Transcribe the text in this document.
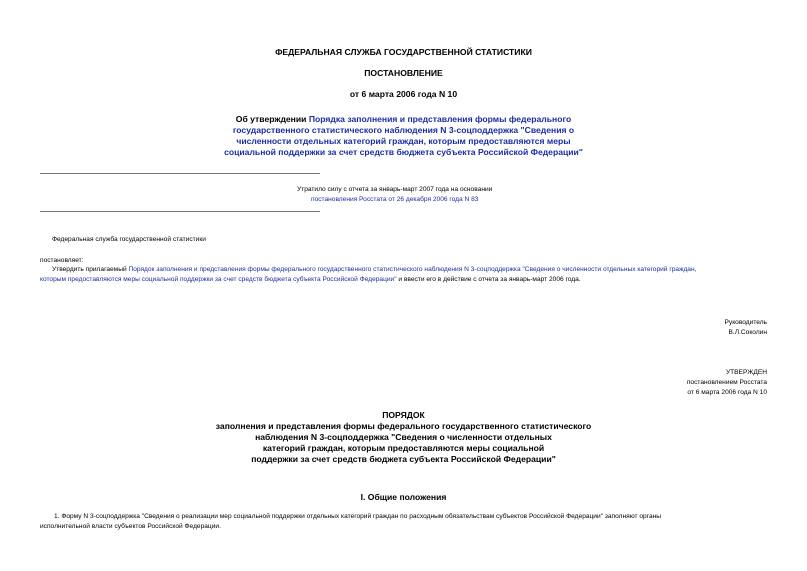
ФЕДЕРАЛЬНАЯ СЛУЖБА ГОСУДАРСТВЕННОЙ СТАТИСТИКИ
ПОСТАНОВЛЕНИЕ
от 6 марта 2006 года N 10

Об утверждении Порядка заполнения и представления формы федерального

государственного статистического наблюдения N 3-соцподдержка "Сведения о

численности отдельных категорий граждан, которым предоставляются меры

социальной поддержки за счет средств бюджета субъекта Российской Федерации"

Утратило силу с отчета за январь-март 2007 года на основании

постановления Росстата от 26 декабря 2006 года N 83

Федеральная служба государственной статистики
постановляет:

Утвердить прилагаемый Порядок заполнения и представления формы федерального государственного статистического наблюдения N 3-соцподдержка "Сведения о численности отдельных категорий граждан,

которым предоставляются меры социальной поддержки за счет средств бюджета субъекта Российской Федерации" и ввести его в действие с отчета за январь-март 2006 года.

Руководитель

В.Л.Соколин

УТВЕРЖДЕН

постановлением Росстата

от 6 марта 2006 года N 10

ПОРЯДОК

заполнения и представления формы федерального государственного статистического

наблюдения N 3-соцподдержка "Сведения о численности отдельных

категорий граждан, которым предоставляются меры социальной

поддержки за счет средств бюджета субъекта Российской Федерации"

I. Общие положения

1. Форму N 3-соцподдержка "Сведения о реализации мер социальной поддержки отдельных категорий граждан по расходным обязательствам субъектов Российской Федерации" заполняют органы

исполнительной власти субъектов Российской Федерации.
